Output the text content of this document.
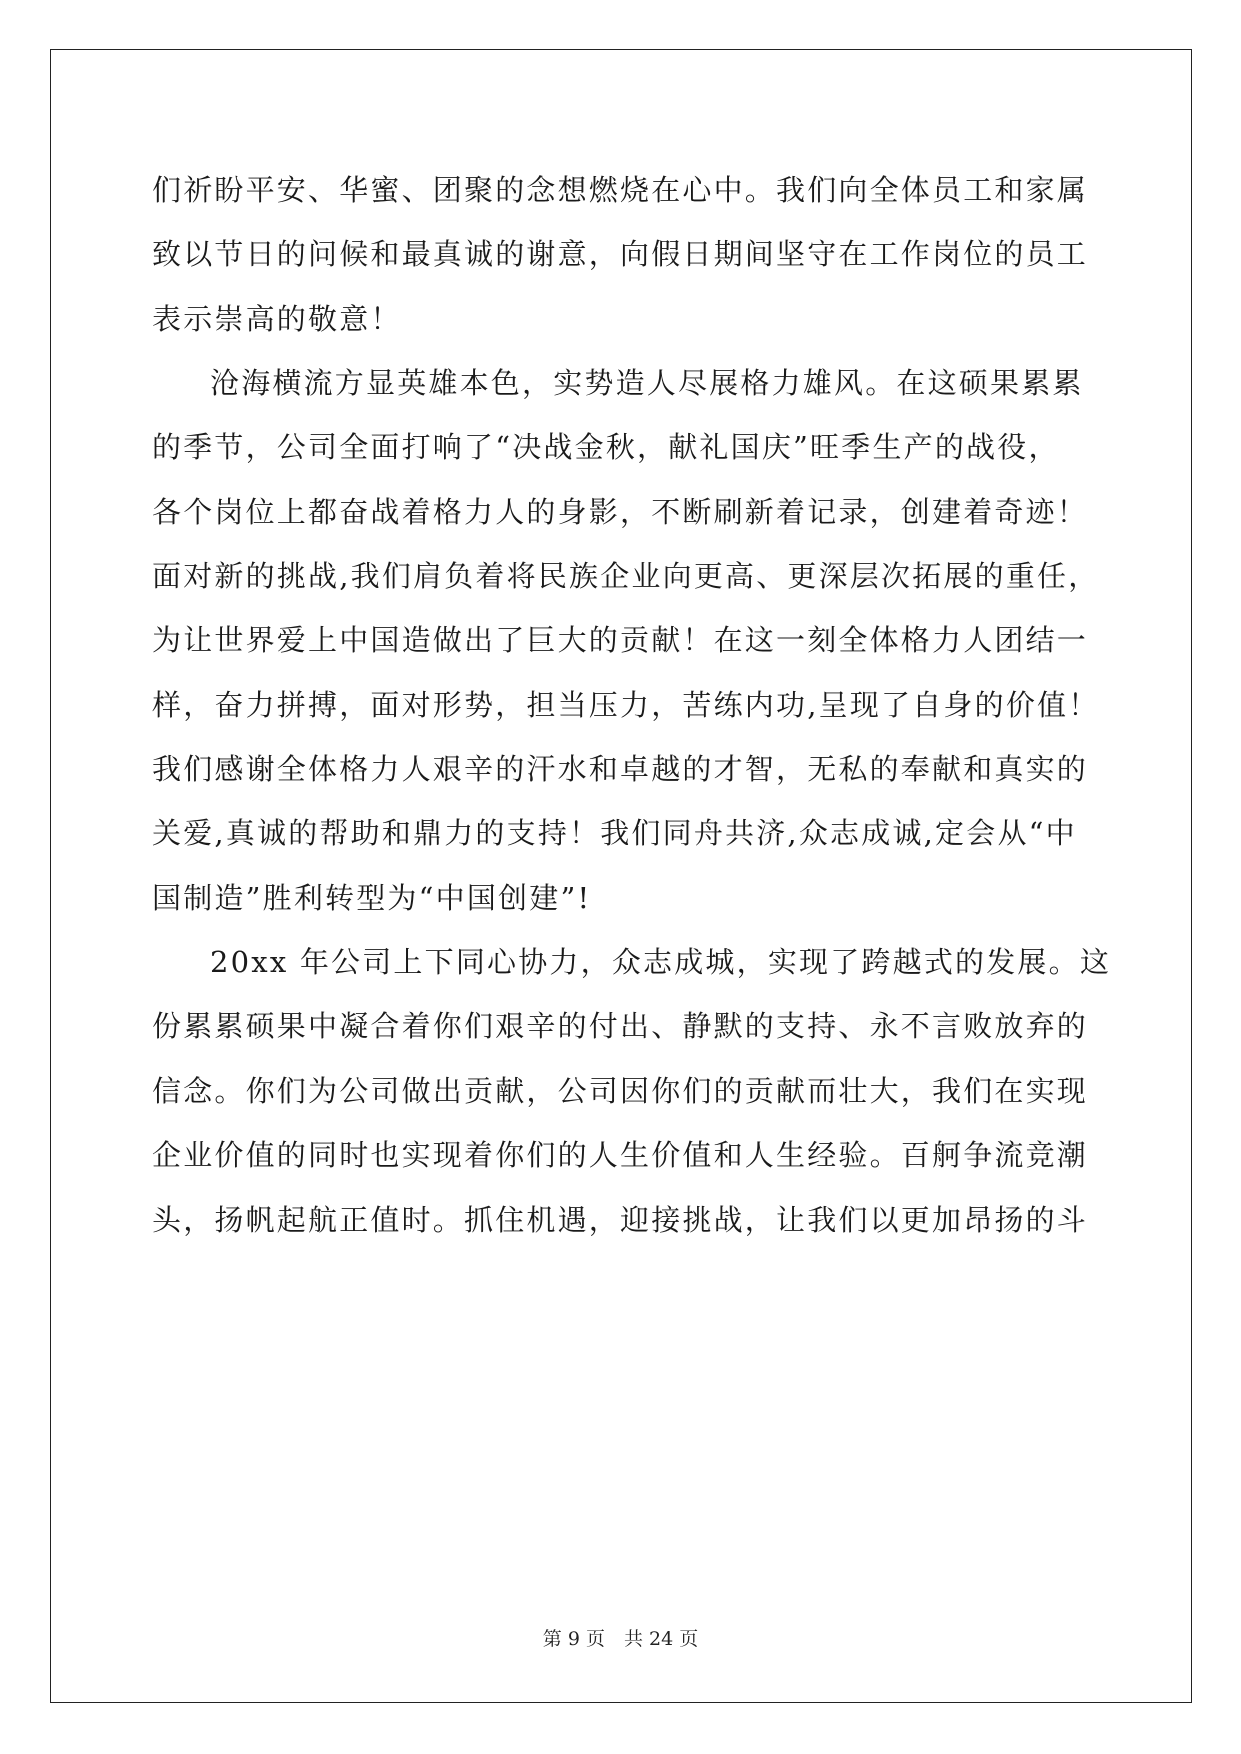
们祈盼平安、华蜜、团聚的念想燃烧在心中。我们向全体员工和家属
致以节日的问候和最真诚的谢意，向假日期间坚守在工作岗位的员工
表示崇高的敬意！
沧海横流方显英雄本色，实势造人尽展格力雄风。在这硕果累累
的季节，公司全面打响了“决战金秋，献礼国庆”旺季生产的战役，
各个岗位上都奋战着格力人的身影，不断刷新着记录，创建着奇迹！
面对新的挑战,我们肩负着将民族企业向更高、更深层次拓展的重任，
为让世界爱上中国造做出了巨大的贡献！在这一刻全体格力人团结一
样，奋力拼搏，面对形势，担当压力，苦练内功,呈现了自身的价值！
我们感谢全体格力人艰辛的汗水和卓越的才智，无私的奉献和真实的
关爱,真诚的帮助和鼎力的支持！我们同舟共济,众志成诚,定会从“中
国制造”胜利转型为“中国创建”!
20xx 年公司上下同心协力，众志成城，实现了跨越式的发展。这
份累累硕果中凝合着你们艰辛的付出、静默的支持、永不言败放弃的
信念。你们为公司做出贡献，公司因你们的贡献而壮大，我们在实现
企业价值的同时也实现着你们的人生价值和人生经验。百舸争流竞潮
头，扬帆起航正值时。抓住机遇，迎接挑战，让我们以更加昂扬的斗
第 9 页　共 24 页
